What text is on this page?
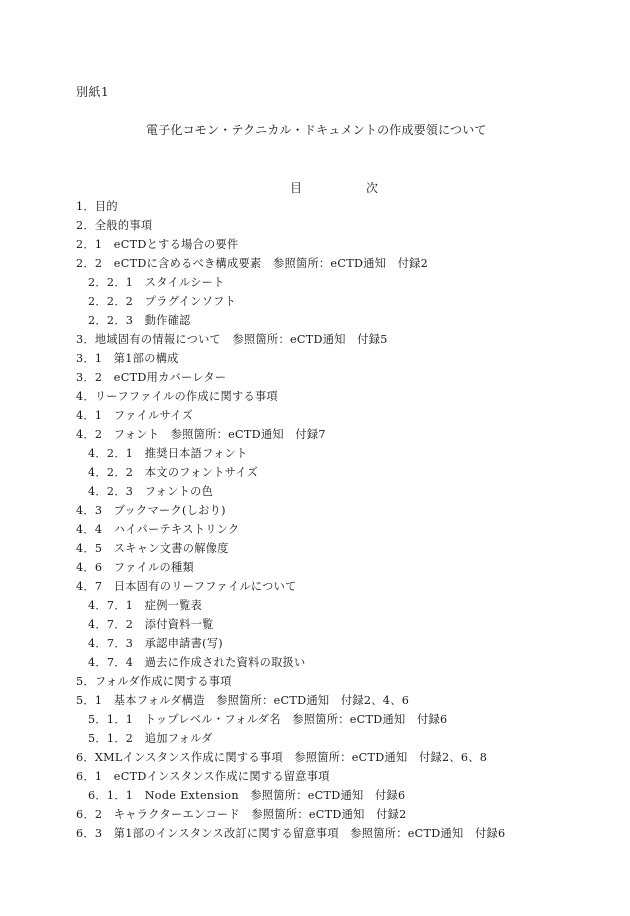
別紙1
電子化コモン・テクニカル・ドキュメントの作成要領について
目　次
1．目的
2．全般的事項
2．1　eCTDとする場合の要件
2．2　eCTDに含めるべき構成要素　参照箇所：eCTD通知　付録2
2．2．1　スタイルシート
2．2．2　プラグインソフト
2．2．3　動作確認
3．地域固有の情報について　参照箇所：eCTD通知　付録5
3．1　第1部の構成
3．2　eCTD用カバーレター
4．リーフファイルの作成に関する事項
4．1　ファイルサイズ
4．2　フォント　参照箇所：eCTD通知　付録7
4．2．1　推奨日本語フォント
4．2．2　本文のフォントサイズ
4．2．3　フォントの色
4．3　ブックマーク(しおり)
4．4　ハイパーテキストリンク
4．5　スキャン文書の解像度
4．6　ファイルの種類
4．7　日本固有のリーフファイルについて
4．7．1　症例一覧表
4．7．2　添付資料一覧
4．7．3　承認申請書(写)
4．7．4　過去に作成された資料の取扱い
5．フォルダ作成に関する事項
5．1　基本フォルダ構造　参照箇所：eCTD通知　付録2、4、6
5．1．1　トップレベル・フォルダ名　参照箇所：eCTD通知　付録6
5．1．2　追加フォルダ
6．XMLインスタンス作成に関する事項　参照箇所：eCTD通知　付録2、6、8
6．1　eCTDインスタンス作成に関する留意事項
6．1．1　Node Extension　参照箇所：eCTD通知　付録6
6．2　キャラクターエンコード　参照箇所：eCTD通知　付録2
6．3　第1部のインスタンス改訂に関する留意事項　参照箇所：eCTD通知　付録6
